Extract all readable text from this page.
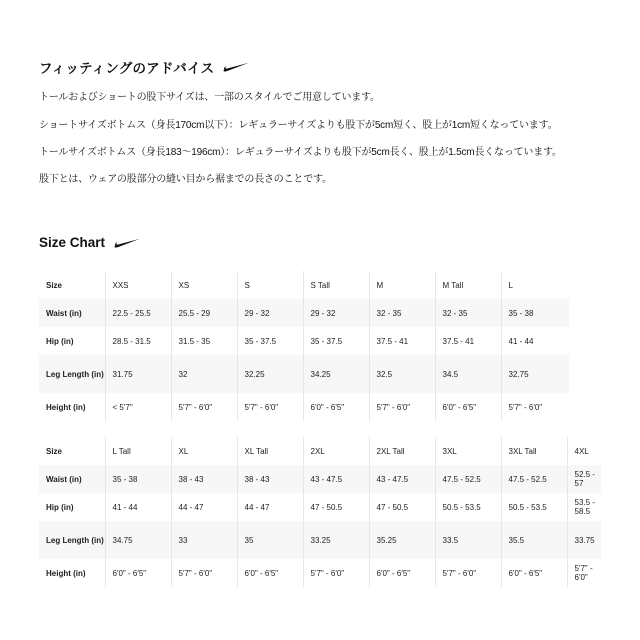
フィッティングのアドバイス
トールおよびショートの股下サイズは、一部のスタイルでご用意しています。
ショートサイズボトムス（身長170cm以下）：レギュラーサイズよりも股下が5cm短く、股上が1cm短くなっています。
トールサイズボトムス（身長183～196cm）：レギュラーサイズよりも股下が5cm長く、股上が1.5cm長くなっています。
股下とは、ウェアの股部分の縫い目から裾までの長さのことです。
Size Chart
Size	XXS	XS	S	S Tall	M	M Tall	L
Waist (in)	22.5 - 25.5	25.5 - 29	29 - 32	29 - 32	32 - 35	32 - 35	35 - 38
Hip (in)	28.5 - 31.5	31.5 - 35	35 - 37.5	35 - 37.5	37.5 - 41	37.5 - 41	41 - 44
Leg Length (in)	31.75	32	32.25	34.25	32.5	34.5	32.75
Height (in)	< 5'7"	5'7" - 6'0"	5'7" - 6'0"	6'0" - 6'5"	5'7" - 6'0"	6'0" - 6'5"	5'7" - 6'0"
Size	L Tall	XL	XL Tall	2XL	2XL Tall	3XL	3XL Tall	4XL
Waist (in)	35 - 38	38 - 43	38 - 43	43 - 47.5	43 - 47.5	47.5 - 52.5	47.5 - 52.5	52.5 - 57
Hip (in)	41 - 44	44 - 47	44 - 47	47 - 50.5	47 - 50.5	50.5 - 53.5	50.5 - 53.5	53.5 - 58.5
Leg Length (in)	34.75	33	35	33.25	35.25	33.5	35.5	33.75
Height (in)	6'0" - 6'5"	5'7" - 6'0"	6'0" - 6'5"	5'7" - 6'0"	6'0" - 6'5"	5'7" - 6'0"	6'0" - 6'5"	5'7" - 6'0"
